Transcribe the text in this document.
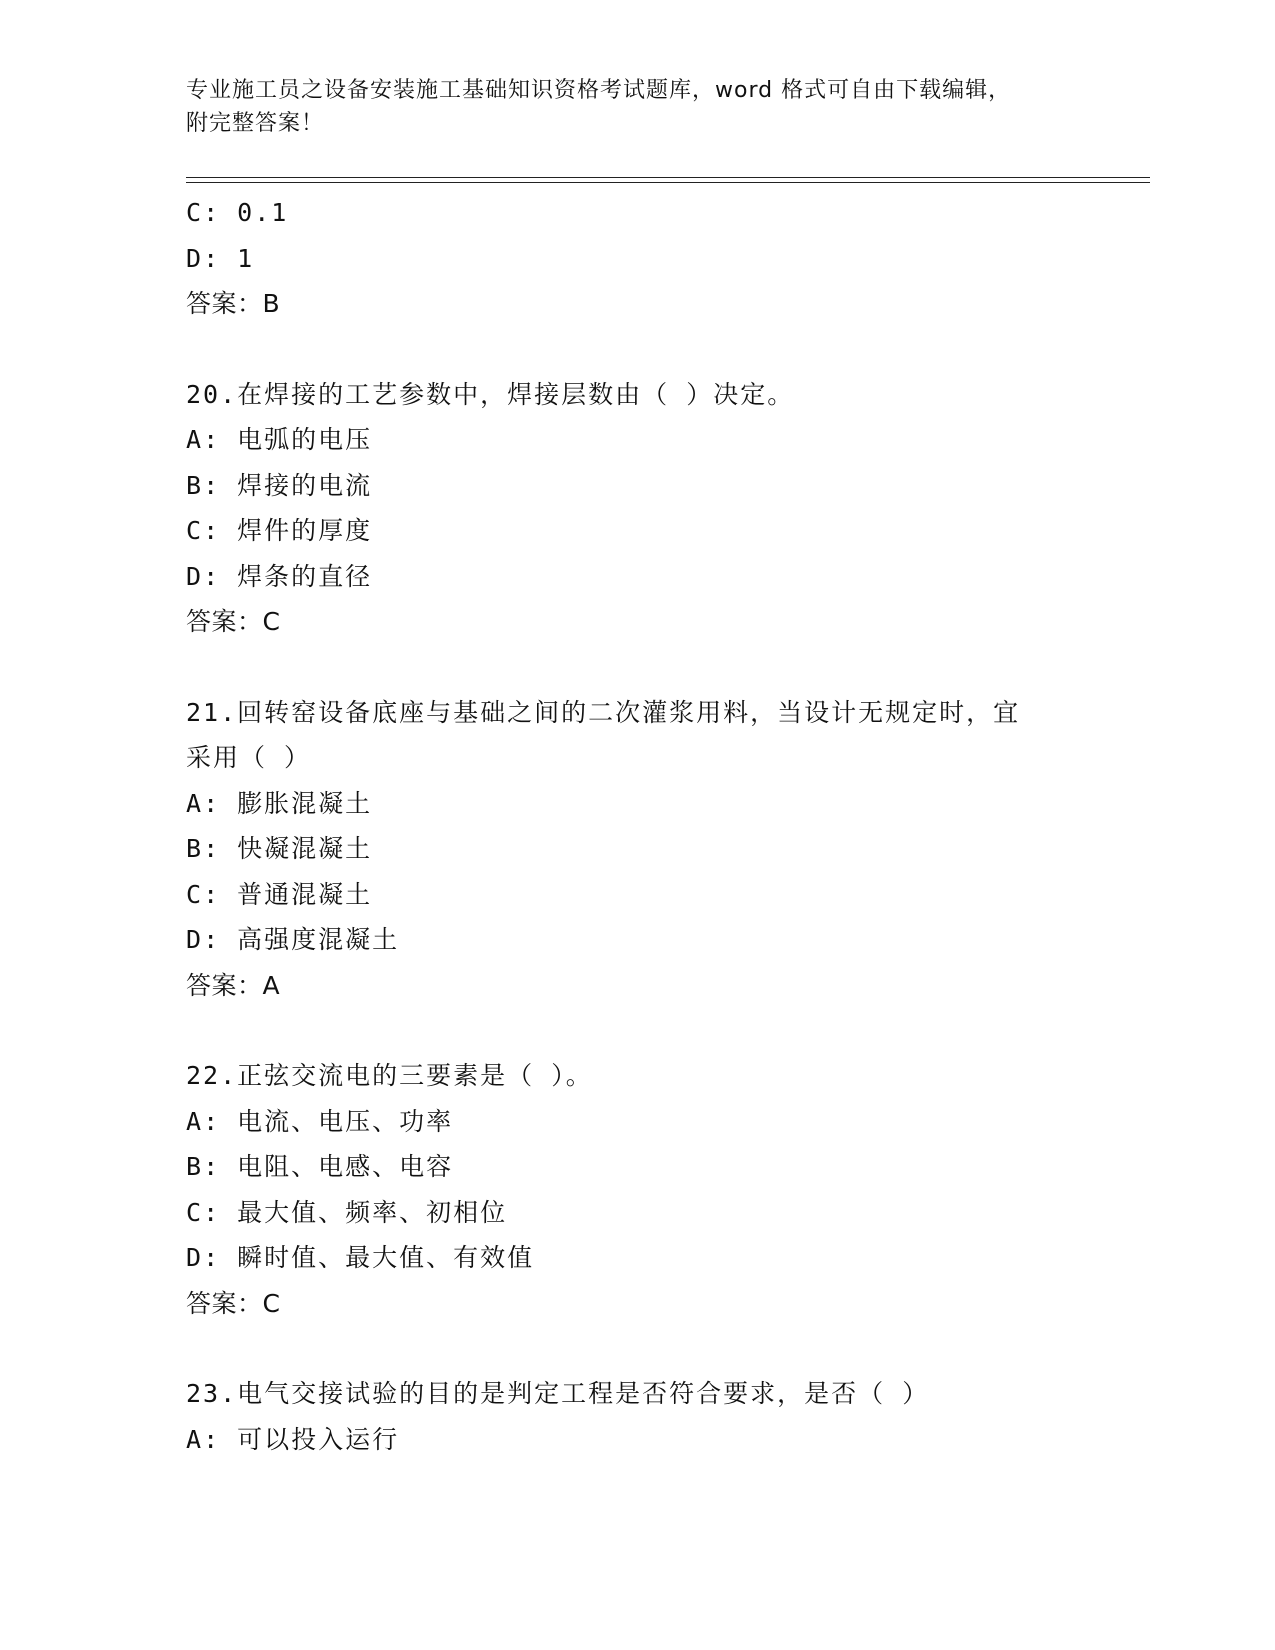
专业施工员之设备安装施工基础知识资格考试题库，word 格式可自由下载编辑，
附完整答案！
C: 0.1
D: 1
答案：B
20.在焊接的工艺参数中，焊接层数由（ ）决定。
A: 电弧的电压
B: 焊接的电流
C: 焊件的厚度
D: 焊条的直径
答案：C
21.回转窑设备底座与基础之间的二次灌浆用料，当设计无规定时，宜
采用（ ）
A: 膨胀混凝土
B: 快凝混凝土
C: 普通混凝土
D: 高强度混凝土
答案：A
22.正弦交流电的三要素是（ ）。
A: 电流、电压、功率
B: 电阻、电感、电容
C: 最大值、频率、初相位
D: 瞬时值、最大值、有效值
答案：C
23.电气交接试验的目的是判定工程是否符合要求，是否（ ）
A: 可以投入运行
